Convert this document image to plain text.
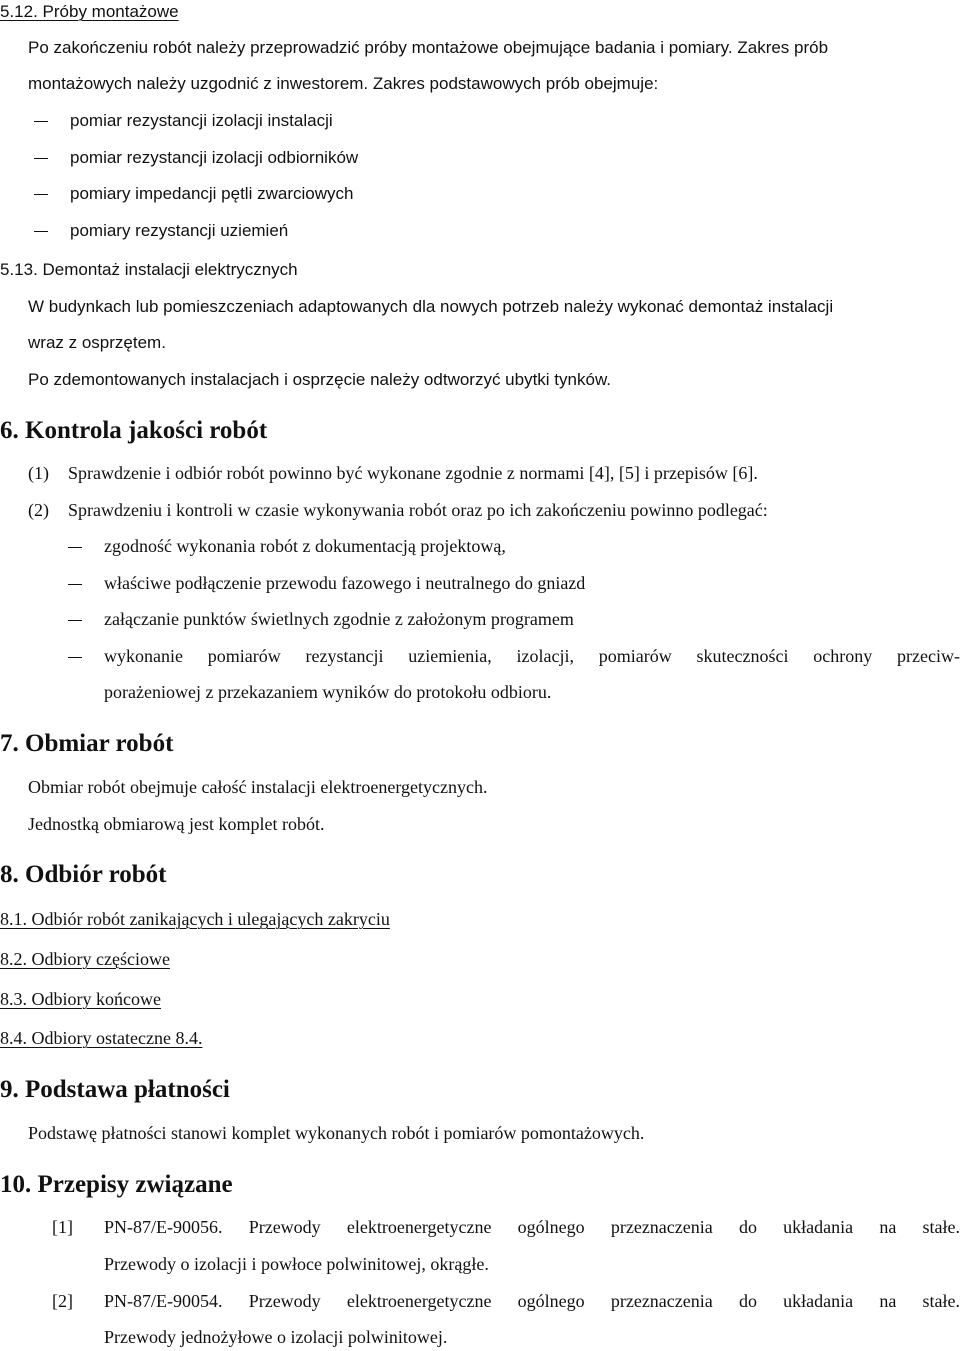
5.12. Próby montażowe
Po zakończeniu robót należy przeprowadzić próby montażowe obejmujące badania i pomiary. Zakres prób
montażowych należy uzgodnić z inwestorem. Zakres podstawowych prób obejmuje:
pomiar rezystancji izolacji instalacji
pomiar rezystancji izolacji odbiorników
pomiary impedancji pętli zwarciowych
pomiary rezystancji uziemień
5.13. Demontaż instalacji elektrycznych
W budynkach lub pomieszczeniach adaptowanych dla nowych potrzeb należy wykonać demontaż instalacji
wraz z osprzętem.
Po zdemontowanych instalacjach i osprzęcie należy odtworzyć ubytki tynków.
6. Kontrola jakości robót
(1) Sprawdzenie i odbiór robót powinno być wykonane zgodnie z normami [4], [5] i przepisów [6].
(2) Sprawdzeniu i kontroli w czasie wykonywania robót oraz po ich zakończeniu powinno podlegać:
zgodność wykonania robót z dokumentacją projektową,
właściwe podłączenie przewodu fazowego i neutralnego do gniazd
załączanie punktów świetlnych zgodnie z założonym programem
wykonanie pomiarów rezystancji uziemienia, izolacji, pomiarów skuteczności ochrony przeciw-
porażeniowej z przekazaniem wyników do protokołu odbioru.
7. Obmiar robót
Obmiar robót obejmuje całość instalacji elektroenergetycznych.
Jednostką obmiarową jest komplet robót.
8. Odbiór robót
8.1. Odbiór robót zanikających i ulegających zakryciu
8.2. Odbiory częściowe
8.3. Odbiory końcowe
8.4. Odbiory ostateczne 8.4.
9. Podstawa płatności
Podstawę płatności stanowi komplet wykonanych robót i pomiarów pomontażowych.
10. Przepisy związane
[1] PN-87/E-90056. Przewody elektroenergetyczne ogólnego przeznaczenia do układania na stałe.
Przewody o izolacji i powłoce polwinitowej, okrągłe.
[2] PN-87/E-90054. Przewody elektroenergetyczne ogólnego przeznaczenia do układania na stałe.
Przewody jednożyłowe o izolacji polwinitowej.
